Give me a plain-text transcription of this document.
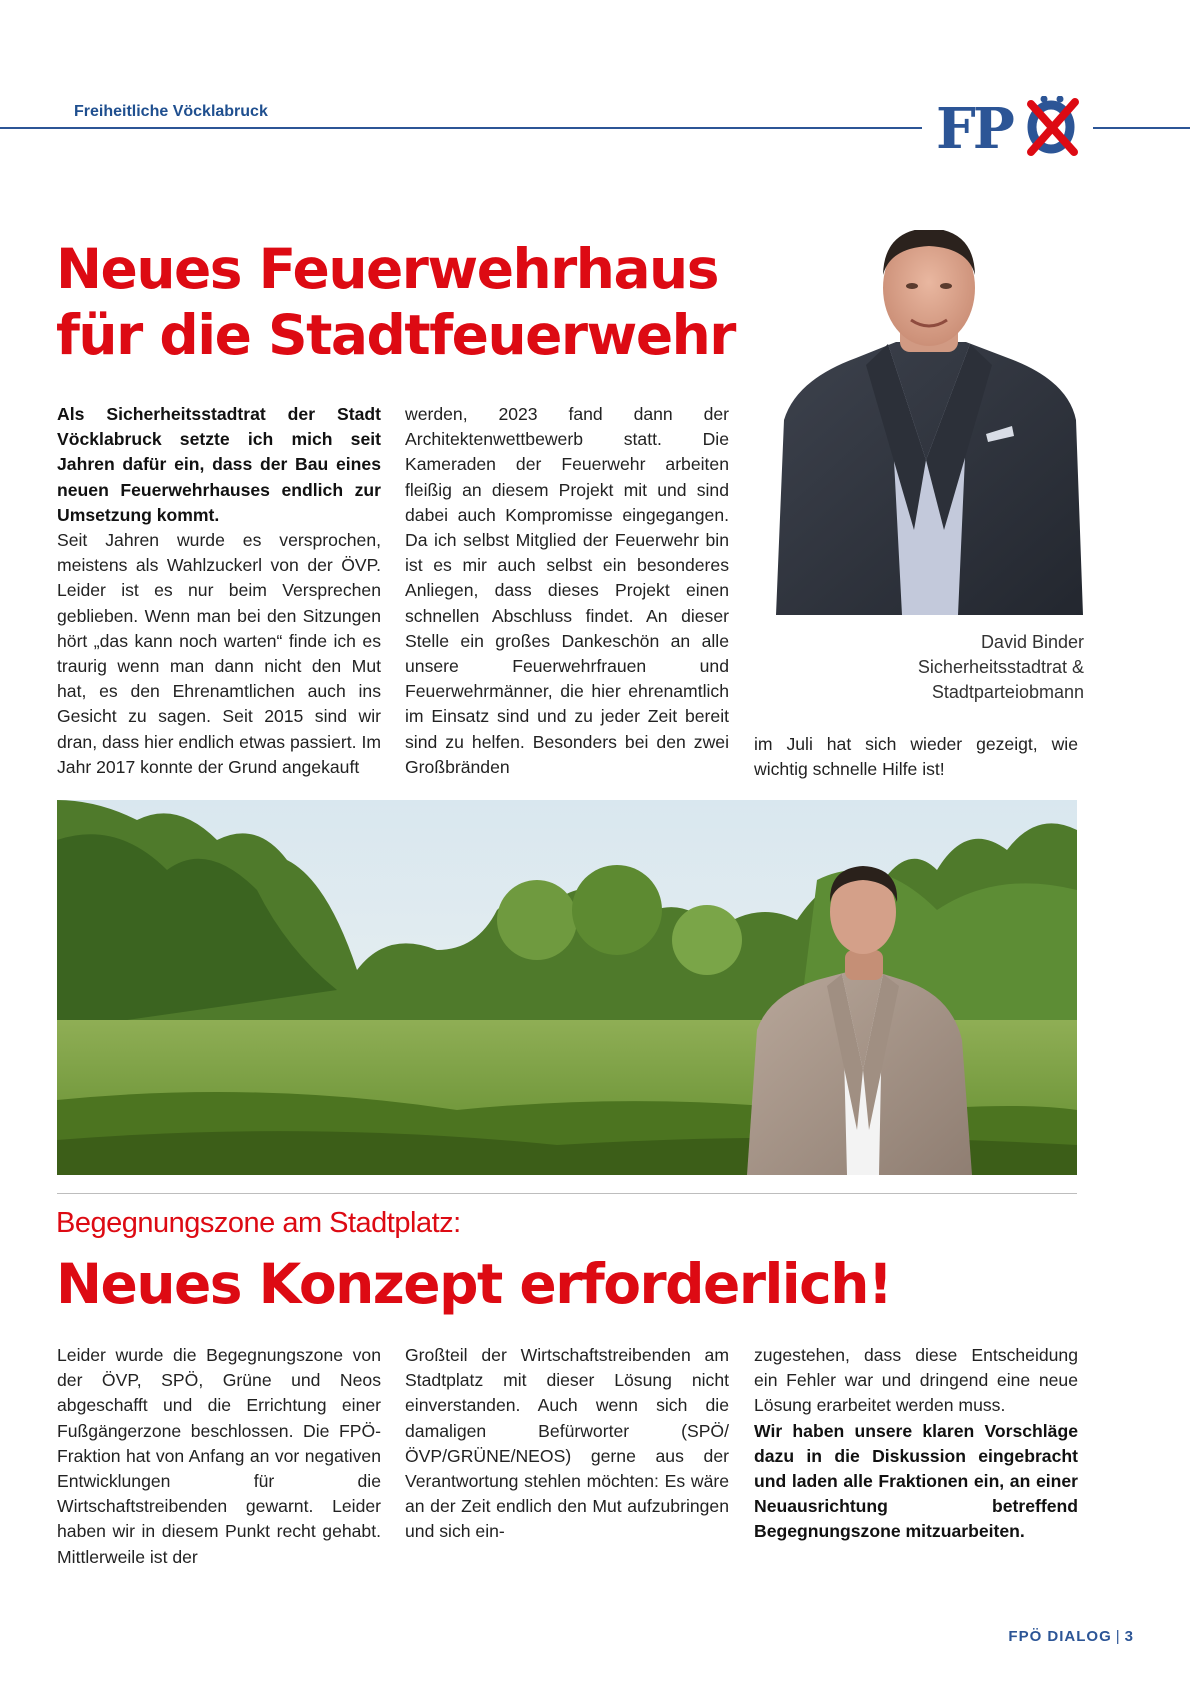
Freiheitliche Vöcklabruck	FP
Neues Feuerwehrhaus für die Stadtfeuerwehr

Als Sicherheitsstadtrat der Stadt Vöcklabruck setzte ich mich seit Jahren dafür ein, dass der Bau eines neuen Feuerwehrhauses endlich zur Umsetzung kommt.

Seit Jahren wurde es versprochen, meistens als Wahlzuckerl von der ÖVP. Leider ist es nur beim Versprechen geblieben. Wenn man bei den Sitzungen hört „das kann noch warten“ finde ich es traurig wenn man dann nicht den Mut hat, es den Ehrenamtlichen auch ins Gesicht zu sagen. Seit 2015 sind wir dran, dass hier endlich etwas passiert. Im Jahr 2017 konnte der Grund angekauft

werden, 2023 fand dann der Architektenwettbewerb statt. Die Kameraden der Feuerwehr arbeiten fleißig an diesem Projekt mit und sind dabei auch Kompromisse eingegangen. Da ich selbst Mitglied der Feuerwehr bin ist es mir auch selbst ein besonderes Anliegen, dass dieses Projekt einen schnellen Abschluss findet. An dieser Stelle ein großes Dankeschön an alle unsere Feuerwehrfrauen und Feuerwehrmänner, die hier ehrenamtlich im Einsatz sind und zu jeder Zeit bereit sind zu helfen. Besonders bei den zwei Großbränden

David Binder
Sicherheitsstadtrat &
Stadtparteiobmann

im Juli hat sich wieder gezeigt, wie wichtig schnelle Hilfe ist!

Begegnungszone am Stadtplatz:
Neues Konzept erforderlich!

Leider wurde die Begegnungszone von der ÖVP, SPÖ, Grüne und Neos abgeschafft und die Errichtung einer Fußgängerzone beschlossen. Die FPÖ-Fraktion hat von Anfang an vor negativen Entwicklungen für die Wirtschaftstreibenden gewarnt. Leider haben wir in diesem Punkt recht gehabt. Mittlerweile ist der

Großteil der Wirtschaftstreibenden am Stadtplatz mit dieser Lösung nicht einverstanden. Auch wenn sich die damaligen Befürworter (SPÖ/ÖVP/GRÜNE/NEOS) gerne aus der Verantwortung stehlen möchten: Es wäre an der Zeit endlich den Mut aufzubringen und sich ein-

zugestehen, dass diese Entscheidung ein Fehler war und dringend eine neue Lösung erarbeitet werden muss.

Wir haben unsere klaren Vorschläge dazu in die Diskussion eingebracht und laden alle Fraktionen ein, an einer Neuausrichtung betreffend Begegnungszone mitzuarbeiten.

FPÖ DIALOG | 3
